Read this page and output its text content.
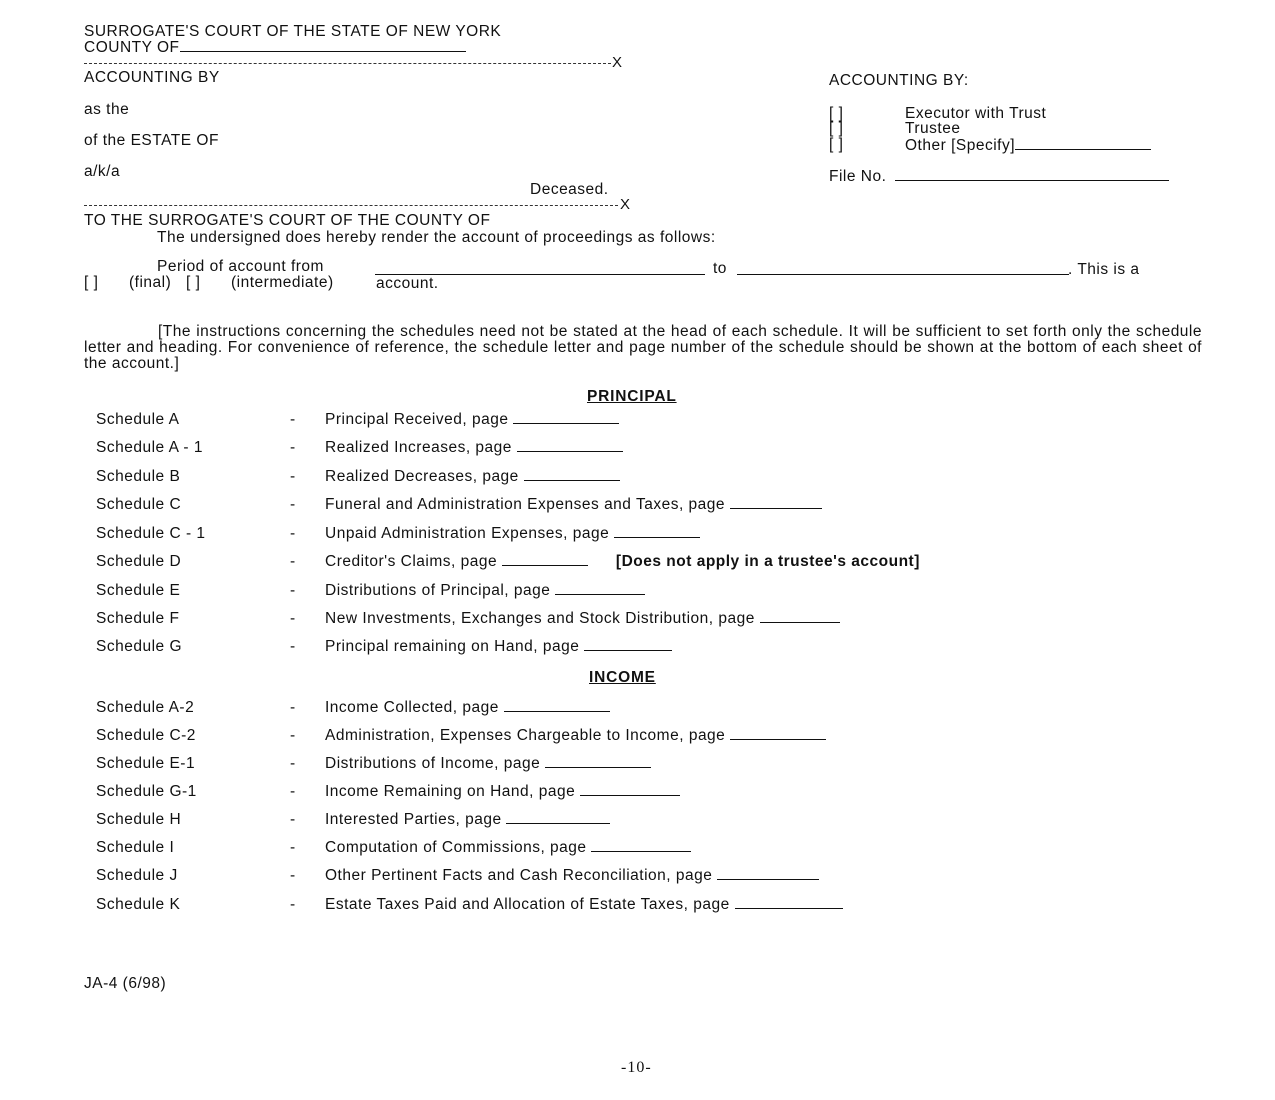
SURROGATE'S COURT OF THE STATE OF NEW YORK
COUNTY OF
X
ACCOUNTING BY
as the
of the ESTATE OF
a/k/a
Deceased.
X
ACCOUNTING BY:
[ ]	Executor with Trust
[ ]	Trustee
[ ]	Other [Specify]
File No.
TO THE SURROGATE'S COURT OF THE COUNTY OF
The undersigned does hereby render the account of proceedings as follows:
Period of account from	to	. This is a
[ ] (final) [ ] (intermediate)	account.
[The instructions concerning the schedules need not be stated at the head of each schedule. It will be sufficient to set forth only the schedule letter and heading. For convenience of reference, the schedule letter and page number of the schedule should be shown at the bottom of each sheet of the account.]
PRINCIPAL
Schedule A	- Principal Received, page
Schedule A - 1	- Realized Increases, page
Schedule B	- Realized Decreases, page
Schedule C	- Funeral and Administration Expenses and Taxes, page
Schedule C - 1	- Unpaid Administration Expenses, page
Schedule D	- Creditor's Claims, page	[Does not apply in a trustee's account]
Schedule E	- Distributions of Principal, page
Schedule F	- New Investments, Exchanges and Stock Distribution, page
Schedule G	- Principal remaining on Hand, page
INCOME
Schedule A-2	- Income Collected, page
Schedule C-2	- Administration, Expenses Chargeable to Income, page
Schedule E-1	- Distributions of Income, page
Schedule G-1	- Income Remaining on Hand, page
Schedule H	- Interested Parties, page
Schedule I	- Computation of Commissions, page
Schedule J	- Other Pertinent Facts and Cash Reconciliation, page
Schedule K	- Estate Taxes Paid and Allocation of Estate Taxes, page
JA-4 (6/98)
-10-
